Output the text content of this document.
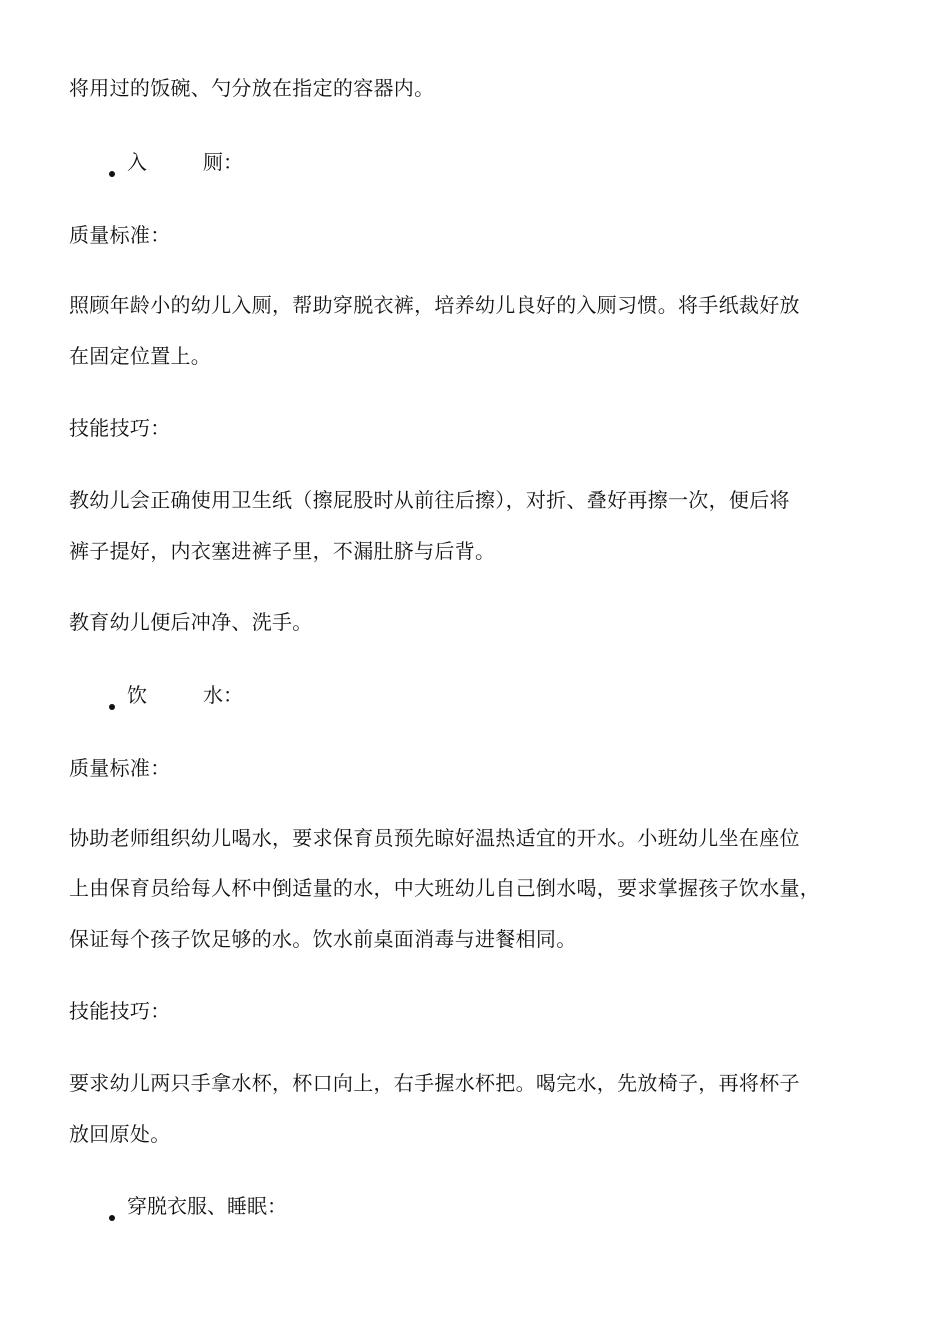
将用过的饭碗、勺分放在指定的容器内。
入	厕：
质量标准：
照顾年龄小的幼儿入厕，帮助穿脱衣裤，培养幼儿良好的入厕习惯。将手纸裁好放
在固定位置上。
技能技巧：
教幼儿会正确使用卫生纸（擦屁股时从前往后擦），对折、叠好再擦一次，便后将
裤子提好，内衣塞进裤子里，不漏肚脐与后背。
教育幼儿便后冲净、洗手。
饮	水：
质量标准：
协助老师组织幼儿喝水，要求保育员预先晾好温热适宜的开水。小班幼儿坐在座位
上由保育员给每人杯中倒适量的水，中大班幼儿自己倒水喝，要求掌握孩子饮水量，
保证每个孩子饮足够的水。饮水前桌面消毒与进餐相同。
技能技巧：
要求幼儿两只手拿水杯，杯口向上，右手握水杯把。喝完水，先放椅子，再将杯子
放回原处。
穿脱衣服、睡眠：
